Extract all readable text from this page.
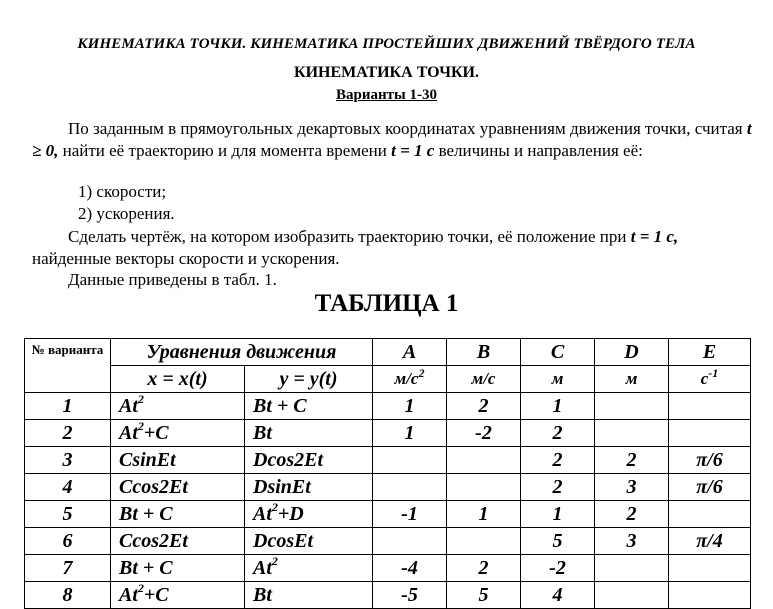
КИНЕМАТИКА ТОЧКИ. КИНЕМАТИКА ПРОСТЕЙШИХ ДВИЖЕНИЙ ТВЁРДОГО ТЕЛА
КИНЕМАТИКА ТОЧКИ.
Варианты 1-30
По заданным в прямоугольных декартовых координатах уравнениям движения точки, считая t ≥ 0, найти её траекторию и для момента времени t = 1 c величины и направления её:
1) скорости;
2) ускорения.
Сделать чертёж, на котором изобразить траекторию точки, её положение при t = 1 c, найденные векторы скорости и ускорения.
Данные приведены в табл. 1.
ТАБЛИЦА 1
№ варианта	Уравнения движения		A	B	C	D	E
	x = x(t)	y = y(t)	$м/с^2$	м/с	м	м	$с^{-1}$
1	At$^2$	Bt + C	1	2	1		
2	$At^2+C$	Bt	1	-2	2		
3	CsinEt	Dcos2Et			2	2	π/6
4	Ccos2Et	DsinEt			2	3	π/6
5	Bt + C	$At^2+D$	-1	1	1	2	
6	Ccos2Et	DcosEt			5	3	π/4
7	Bt + C	At$^2$	-4	2	-2		
8	$At^2+C$	Bt	-5	5	4		
